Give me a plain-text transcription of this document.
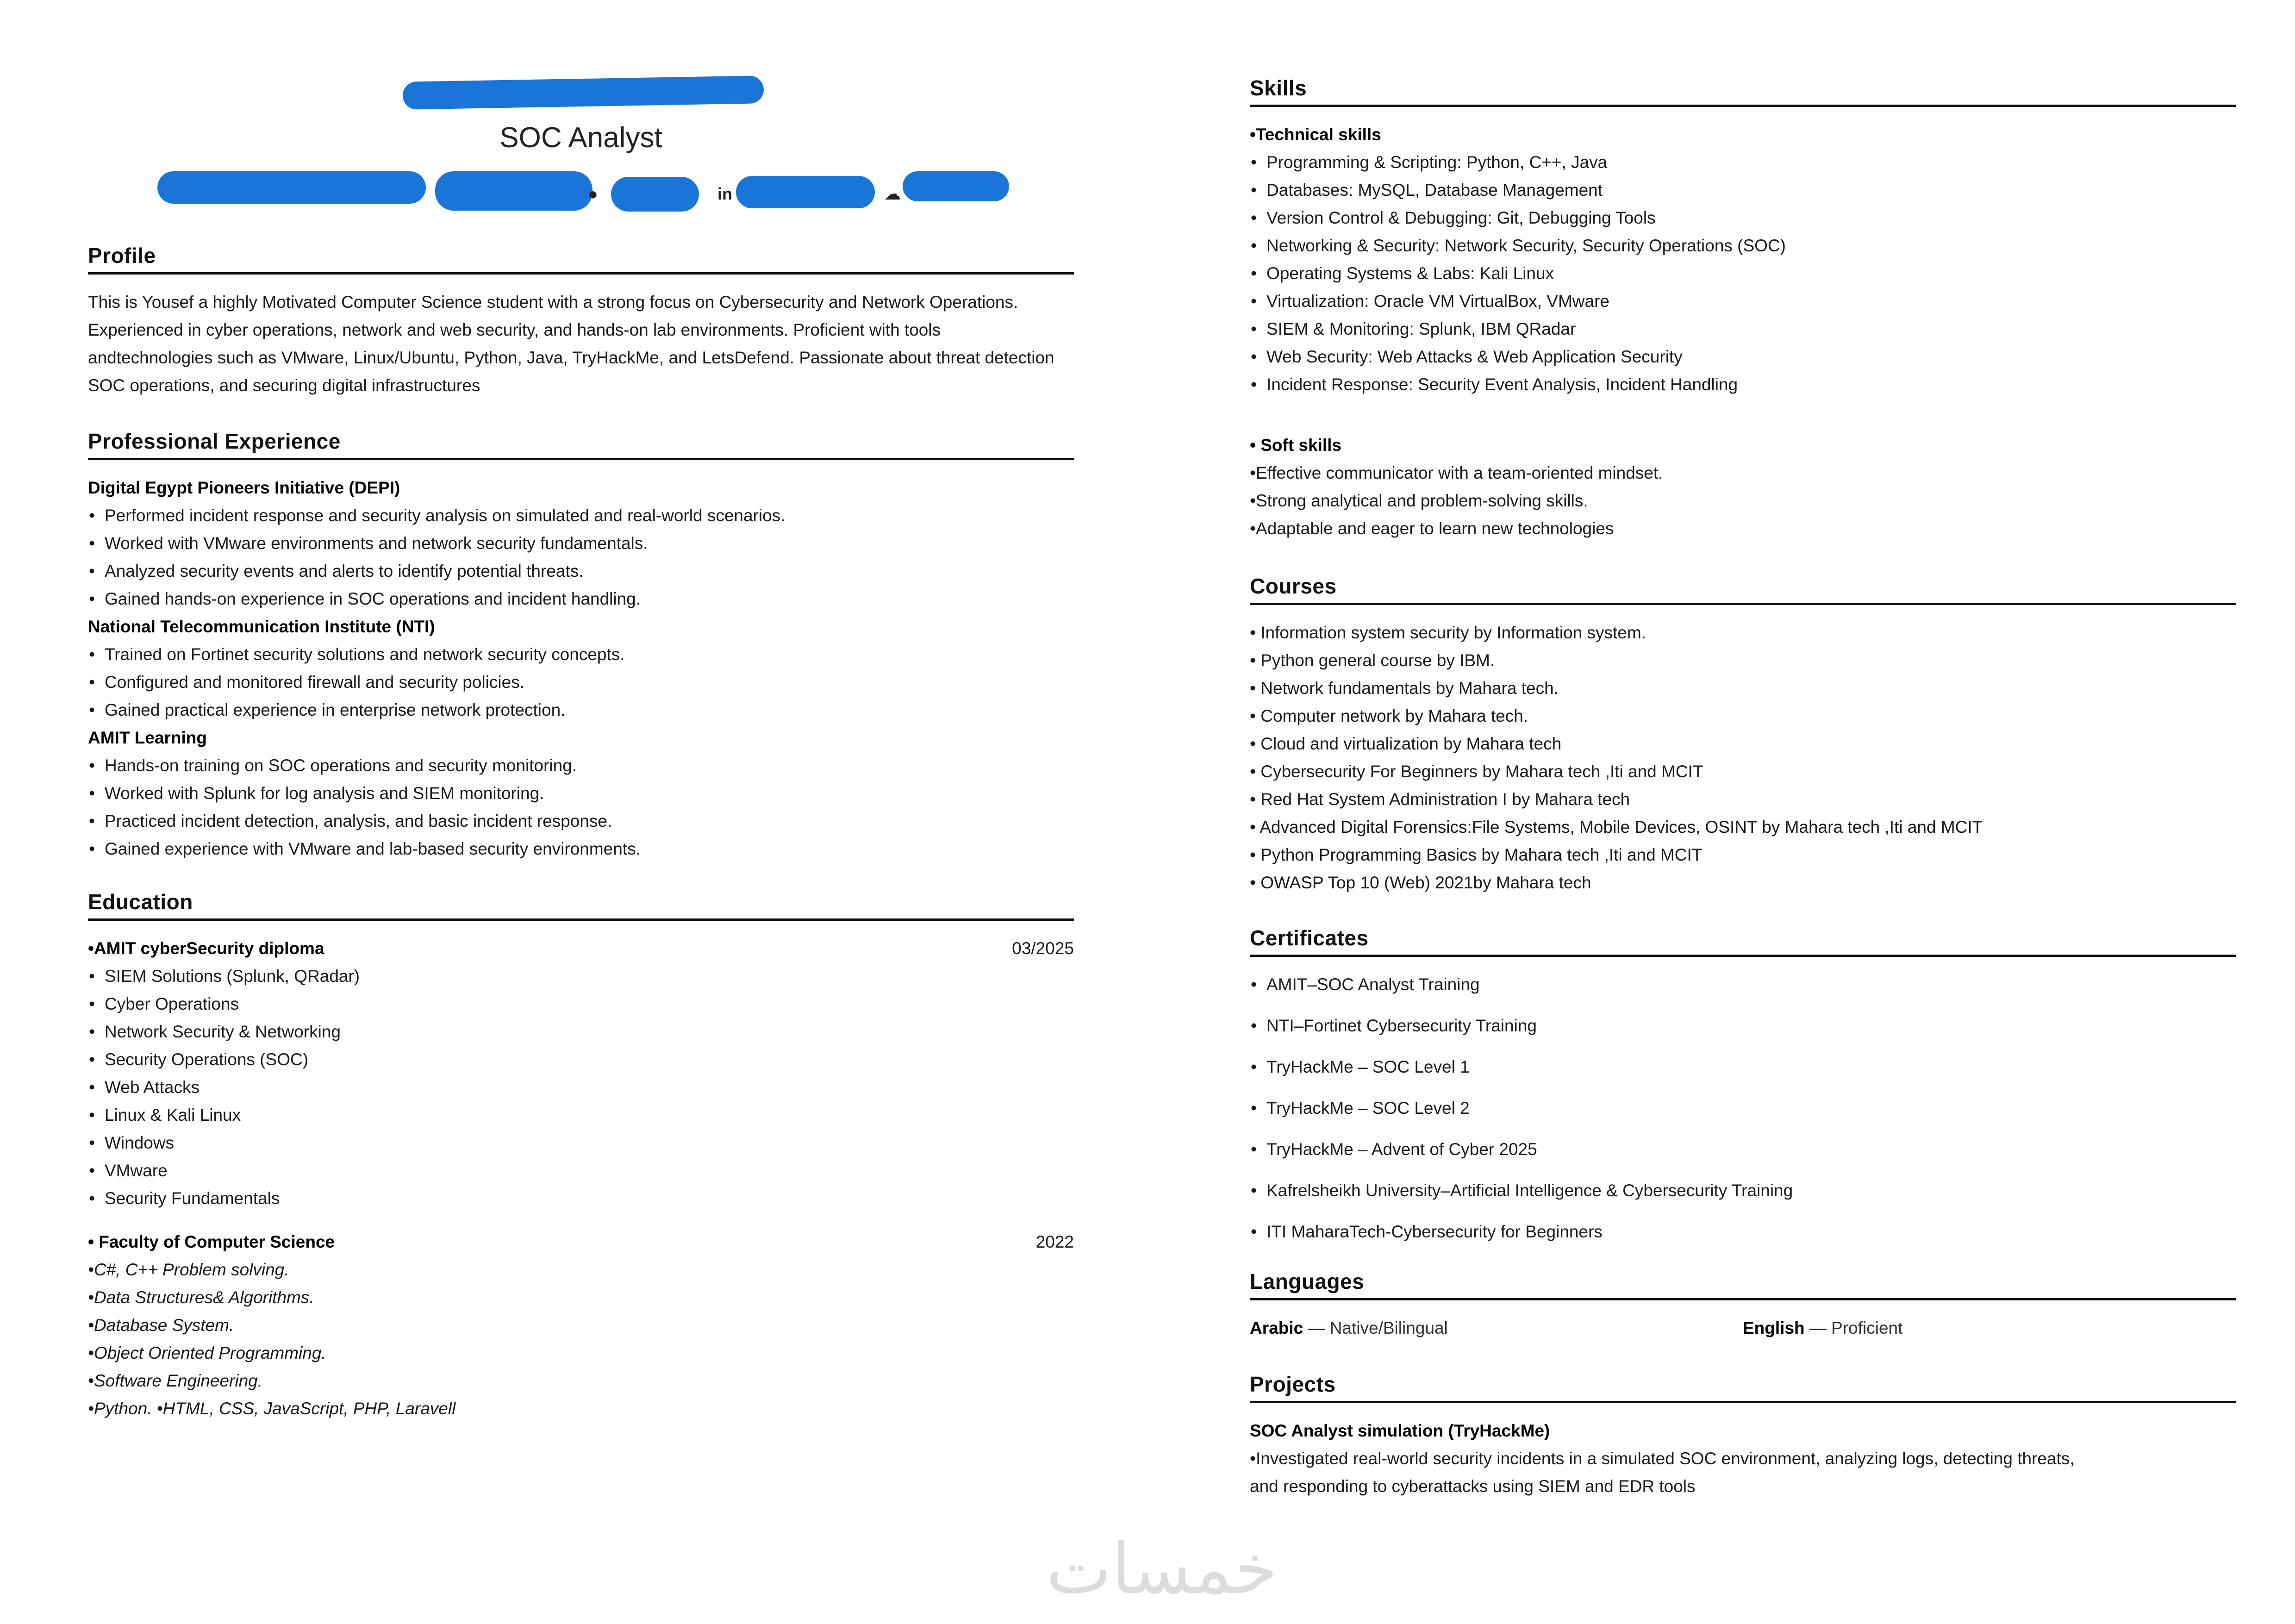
SOC Analyst
●	in	☁
Profile
This is Yousef a highly Motivated Computer Science student with a strong focus on Cybersecurity and Network Operations.
Experienced in cyber operations, network and web security, and hands-on lab environments. Proficient with tools
andtechnologies such as VMware, Linux/Ubuntu, Python, Java, TryHackMe, and LetsDefend. Passionate about threat detection
SOC operations, and securing digital infrastructures
Professional Experience
Digital Egypt Pioneers Initiative (DEPI)
• Performed incident response and security analysis on simulated and real-world scenarios.
• Worked with VMware environments and network security fundamentals.
• Analyzed security events and alerts to identify potential threats.
• Gained hands-on experience in SOC operations and incident handling.
National Telecommunication Institute (NTI)
• Trained on Fortinet security solutions and network security concepts.
• Configured and monitored firewall and security policies.
• Gained practical experience in enterprise network protection.
AMIT Learning
• Hands-on training on SOC operations and security monitoring.
• Worked with Splunk for log analysis and SIEM monitoring.
• Practiced incident detection, analysis, and basic incident response.
• Gained experience with VMware and lab-based security environments.
Education
•AMIT cyberSecurity diploma	03/2025
• SIEM Solutions (Splunk, QRadar)
• Cyber Operations
• Network Security & Networking
• Security Operations (SOC)
• Web Attacks
• Linux & Kali Linux
• Windows
• VMware
• Security Fundamentals
• Faculty of Computer Science	2022
•C#, C++ Problem solving.
•Data Structures& Algorithms.
•Database System.
•Object Oriented Programming.
•Software Engineering.
•Python. •HTML, CSS, JavaScript, PHP, Laravell
Skills
•Technical skills
• Programming & Scripting: Python, C++, Java
• Databases: MySQL, Database Management
• Version Control & Debugging: Git, Debugging Tools
• Networking & Security: Network Security, Security Operations (SOC)
• Operating Systems & Labs: Kali Linux
• Virtualization: Oracle VM VirtualBox, VMware
• SIEM & Monitoring: Splunk, IBM QRadar
• Web Security: Web Attacks & Web Application Security
• Incident Response: Security Event Analysis, Incident Handling
• Soft skills
•Effective communicator with a team-oriented mindset.
•Strong analytical and problem-solving skills.
•Adaptable and eager to learn new technologies
Courses
• Information system security by Information system.
• Python general course by IBM.
• Network fundamentals by Mahara tech.
• Computer network by Mahara tech.
• Cloud and virtualization by Mahara tech
• Cybersecurity For Beginners by Mahara tech ,Iti and MCIT
• Red Hat System Administration I by Mahara tech
• Advanced Digital Forensics:File Systems, Mobile Devices, OSINT by Mahara tech ,Iti and MCIT
• Python Programming Basics by Mahara tech ,Iti and MCIT
• OWASP Top 10 (Web) 2021by Mahara tech
Certificates
• AMIT–SOC Analyst Training
• NTI–Fortinet Cybersecurity Training
• TryHackMe – SOC Level 1
• TryHackMe – SOC Level 2
• TryHackMe – Advent of Cyber 2025
• Kafrelsheikh University–Artificial Intelligence & Cybersecurity Training
• ITI MaharaTech-Cybersecurity for Beginners
Languages
Arabic — Native/Bilingual	English — Proficient
Projects
SOC Analyst simulation (TryHackMe)
•Investigated real-world security incidents in a simulated SOC environment, analyzing logs, detecting threats,
and responding to cyberattacks using SIEM and EDR tools
خمسات
